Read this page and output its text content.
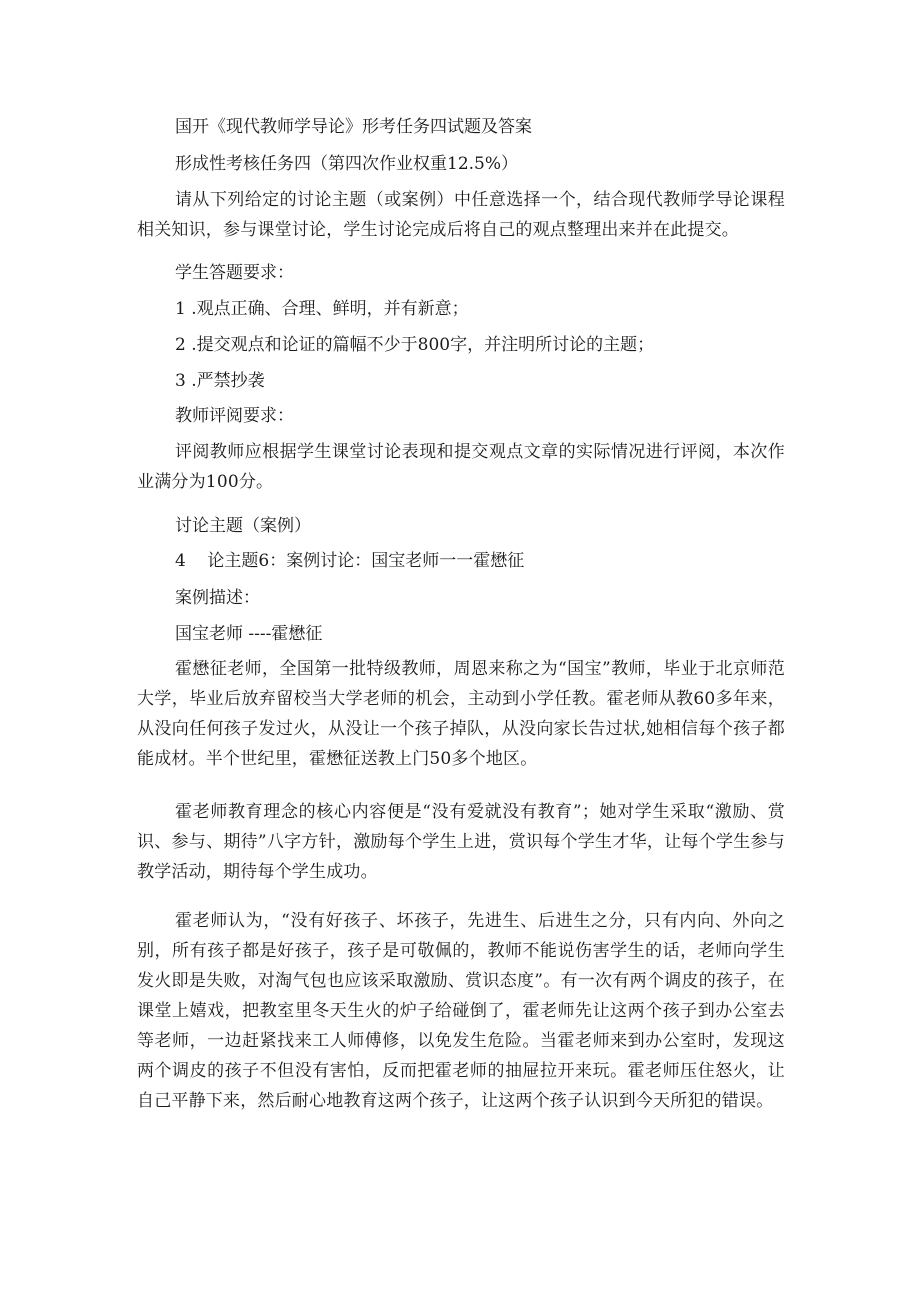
国开《现代教师学导论》形考任务四试题及答案
形成性考核任务四（第四次作业权重12.5%）
请从下列给定的讨论主题（或案例）中任意选择一个，结合现代教师学导论课程相关知识，参与课堂讨论，学生讨论完成后将自己的观点整理出来并在此提交。
学生答题要求：
1 .观点正确、合理、鲜明，并有新意；
2 .提交观点和论证的篇幅不少于800字，并注明所讨论的主题；
3 .严禁抄袭
教师评阅要求：
评阅教师应根据学生课堂讨论表现和提交观点文章的实际情况进行评阅，本次作业满分为100分。
讨论主题（案例）
4    论主题6：案例讨论：国宝老师一一霍懋征
案例描述：
国宝老师 ----霍懋征
霍懋征老师，全国第一批特级教师，周恩来称之为“国宝”教师，毕业于北京师范大学，毕业后放弃留校当大学老师的机会，主动到小学任教。霍老师从教60多年来，从没向任何孩子发过火，从没让一个孩子掉队，从没向家长告过状,她相信每个孩子都能成材。半个世纪里，霍懋征送教上门50多个地区。
霍老师教育理念的核心内容便是“没有爱就没有教育”；她对学生采取“激励、赏识、参与、期待”八字方针，激励每个学生上进，赏识每个学生才华，让每个学生参与教学活动，期待每个学生成功。
霍老师认为，“没有好孩子、坏孩子，先进生、后进生之分，只有内向、外向之别，所有孩子都是好孩子，孩子是可敬佩的，教师不能说伤害学生的话，老师向学生发火即是失败，对淘气包也应该采取激励、赏识态度”。有一次有两个调皮的孩子，在课堂上嬉戏，把教室里冬天生火的炉子给碰倒了，霍老师先让这两个孩子到办公室去等老师，一边赶紧找来工人师傅修，以免发生危险。当霍老师来到办公室时，发现这两个调皮的孩子不但没有害怕，反而把霍老师的抽屉拉开来玩。霍老师压住怒火，让自己平静下来，然后耐心地教育这两个孩子，让这两个孩子认识到今天所犯的错误。
